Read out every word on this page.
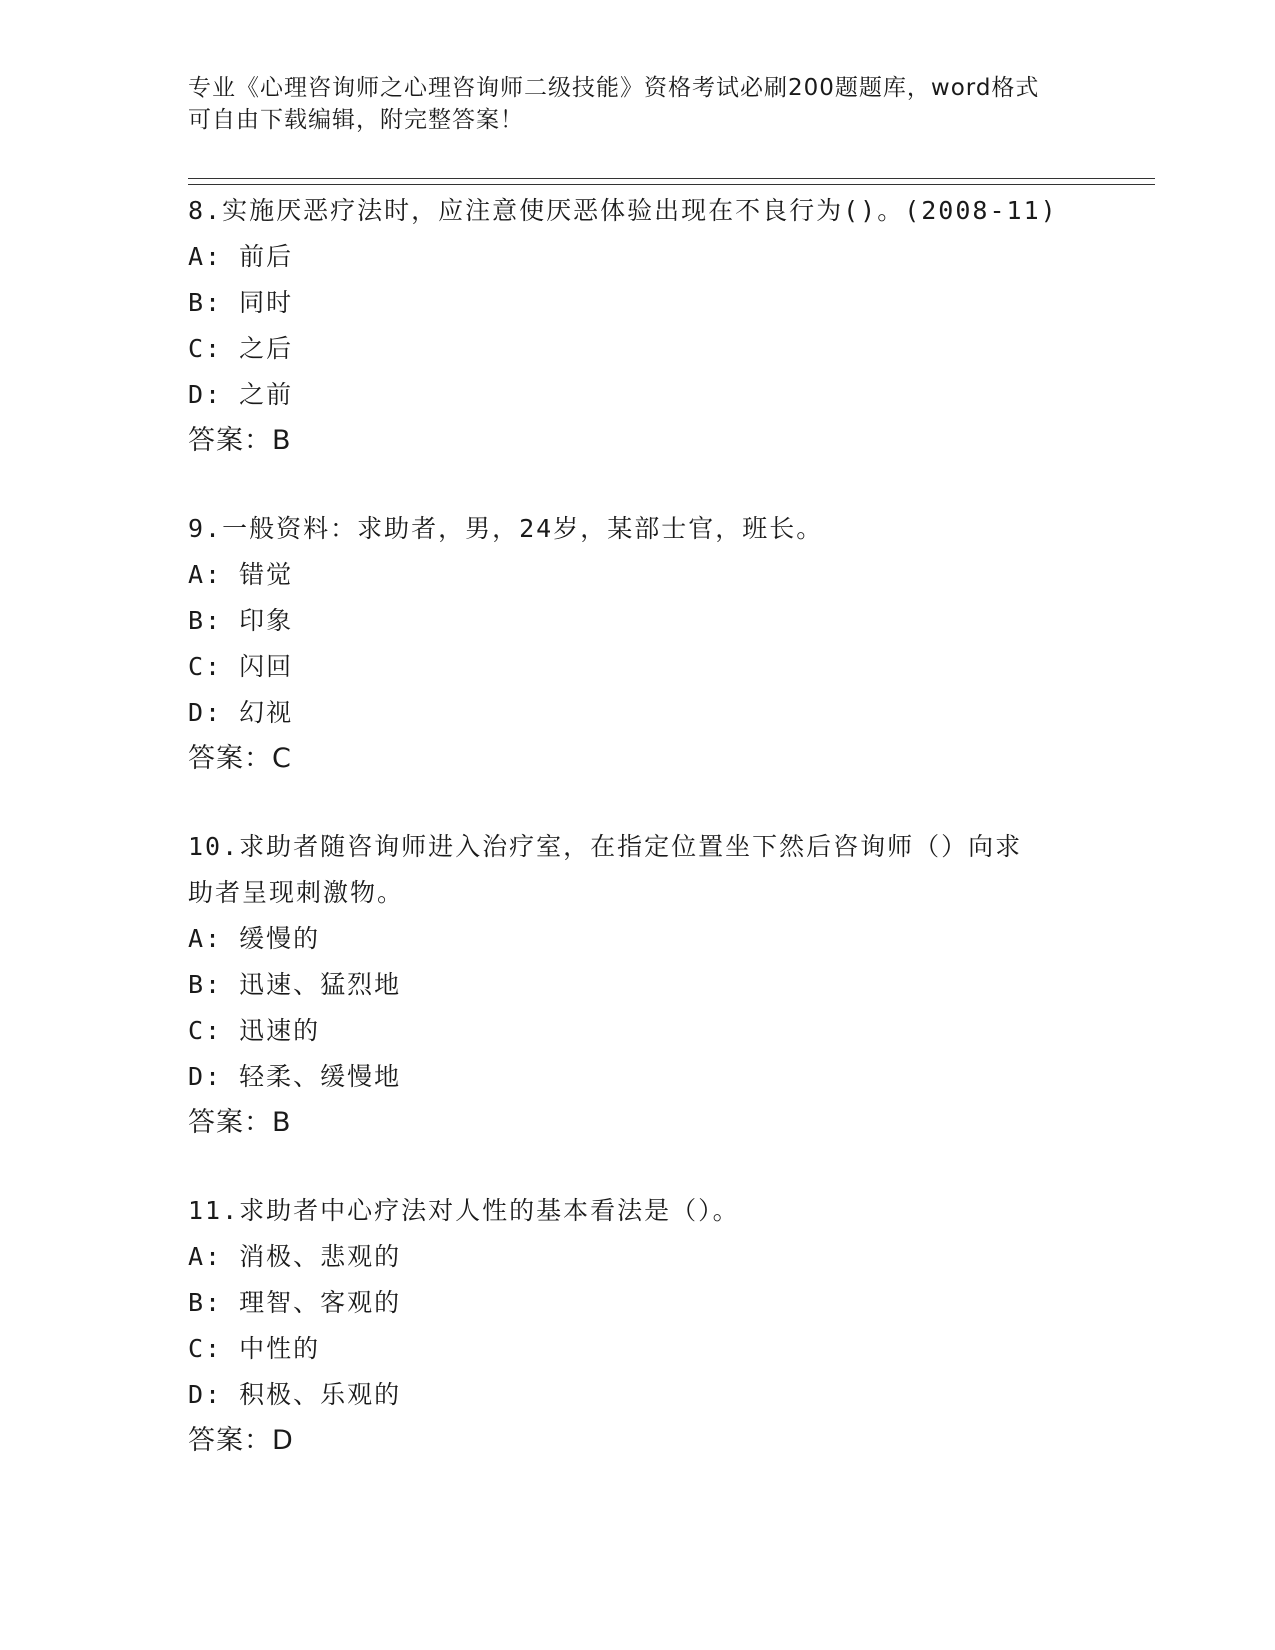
专业《心理咨询师之心理咨询师二级技能》资格考试必刷200题题库，word格式
可自由下载编辑，附完整答案！
8.实施厌恶疗法时，应注意使厌恶体验出现在不良行为()。(2008-11)
A: 前后
B: 同时
C: 之后
D: 之前
答案：B
9.一般资料：求助者，男，24岁，某部士官，班长。
A: 错觉
B: 印象
C: 闪回
D: 幻视
答案：C
10.求助者随咨询师进入治疗室，在指定位置坐下然后咨询师（）向求
助者呈现刺激物。
A: 缓慢的
B: 迅速、猛烈地
C: 迅速的
D: 轻柔、缓慢地
答案：B
11.求助者中心疗法对人性的基本看法是（）。
A: 消极、悲观的
B: 理智、客观的
C: 中性的
D: 积极、乐观的
答案：D
